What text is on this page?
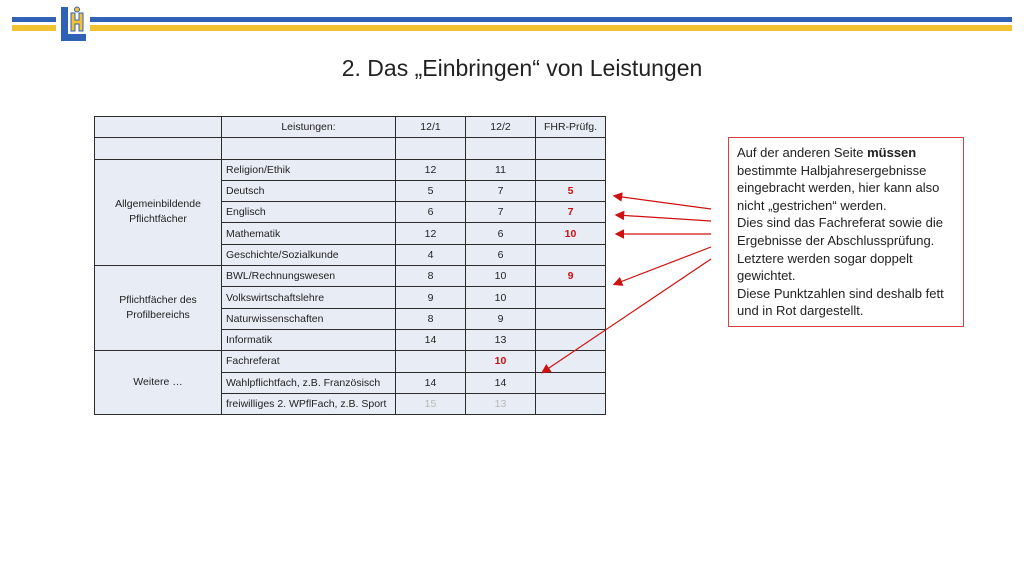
2. Das „Einbringen“ von Leistungen
	Leistungen:	12/1	12/2	FHR-Prüfg.

Allgemeinbildende Pflichtfächer	Religion/Ethik	12	11	
	Deutsch	5	7	5
	Englisch	6	7	7
	Mathematik	12	6	10
	Geschichte/Sozialkunde	4	6	
Pflichtfächer des Profilbereichs	BWL/Rechnungswesen	8	10	9
	Volkswirtschaftslehre	9	10	
	Naturwissenschaften	8	9	
	Informatik	14	13	
Weitere …	Fachreferat		10	
	Wahlpflichtfach, z.B. Französisch	14	14	
	freiwilliges 2. WPflFach, z.B. Sport	15	13	
Auf der anderen Seite müssen bestimmte Halbjahresergebnisse eingebracht werden, hier kann also nicht „gestrichen“ werden.
Dies sind das Fachreferat sowie die Ergebnisse der Abschlussprüfung.
Letztere werden sogar doppelt gewichtet.
Diese Punktzahlen sind deshalb fett und in Rot dargestellt.
